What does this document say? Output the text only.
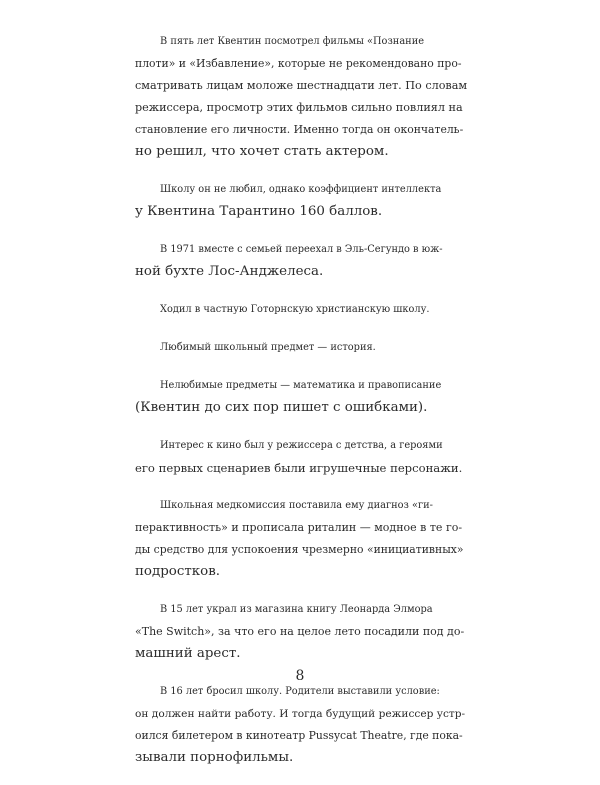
В пять лет Квентин посмотрел фильмы «Познание
плоти» и «Избавление», которые не рекомендовано про-
сматривать лицам моложе шестнадцати лет. По словам
режиссера, просмотр этих фильмов сильно повлиял на
становление его личности. Именно тогда он окончатель-
но решил, что хочет стать актером.

Школу он не любил, однако коэффициент интеллекта
у Квентина Тарантино 160 баллов.

В 1971 вместе с семьей переехал в Эль-Сегундо в юж-
ной бухте Лос-Анджелеса.

Ходил в частную Готорнскую христианскую школу.

Любимый школьный предмет — история.

Нелюбимые предметы — математика и правописание
(Квентин до сих пор пишет с ошибками).

Интерес к кино был у режиссера с детства, а героями
его первых сценариев были игрушечные персонажи.

Школьная медкомиссия поставила ему диагноз «ги-
перактивность» и прописала риталин — модное в те го-
ды средство для успокоения чрезмерно «инициативных»
подростков.

В 15 лет украл из магазина книгу Леонарда Элмора
«The Switch», за что его на целое лето посадили под до-
машний арест.

В 16 лет бросил школу. Родители выставили условие:
он должен найти работу. И тогда будущий режиссер устр-
оился билетером в кинотеатр Pussycat Theatre, где пока-
зывали порнофильмы.

8
